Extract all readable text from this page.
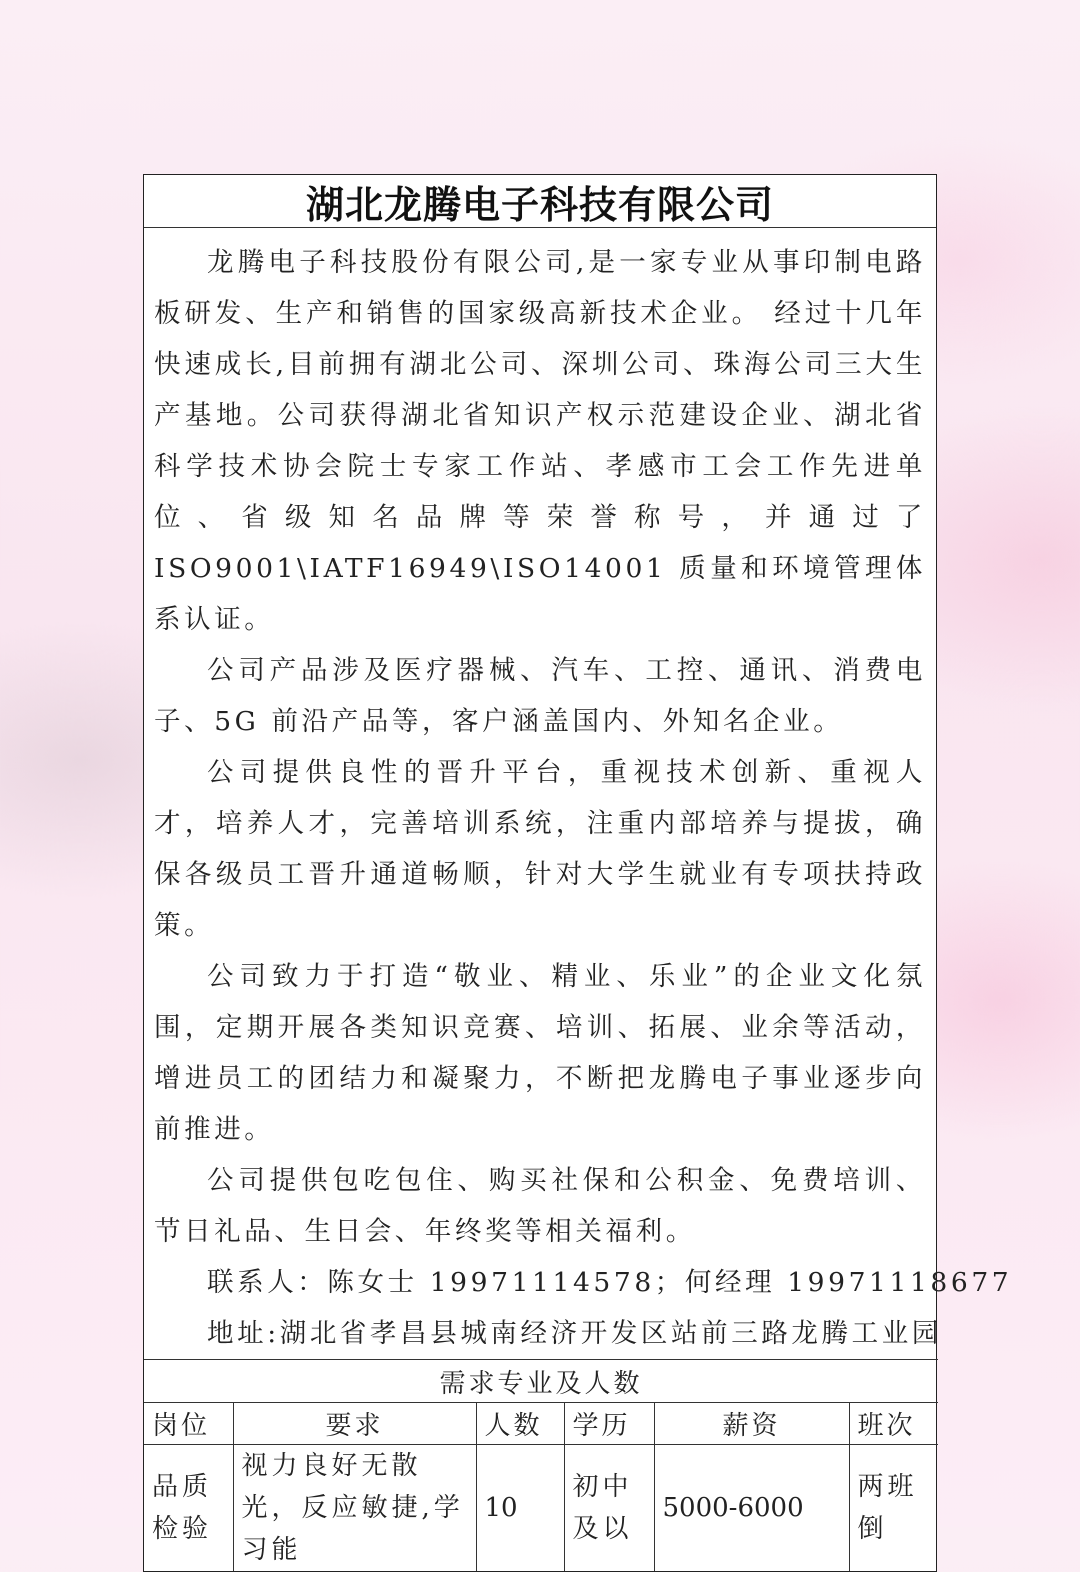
湖北龙腾电子科技有限公司

龙腾电子科技股份有限公司,是一家专业从事印制电路板研发、生产和销售的国家级高新技术企业。 经过十几年快速成长,目前拥有湖北公司、深圳公司、珠海公司三大生产基地。公司获得湖北省知识产权示范建设企业、湖北省科学技术协会院士专家工作站、孝感市工会工作先进单位、省级知名品牌等荣誉称号，并通过了 ISO9001\IATF16949\ISO14001 质量和环境管理体系认证。

公司产品涉及医疗器械、汽车、工控、通讯、消费电子、5G 前沿产品等，客户涵盖国内、外知名企业。

公司提供良性的晋升平台，重视技术创新、重视人才，培养人才，完善培训系统，注重内部培养与提拔，确保各级员工晋升通道畅顺，针对大学生就业有专项扶持政策。

公司致力于打造“敬业、精业、乐业”的企业文化氛围，定期开展各类知识竞赛、培训、拓展、业余等活动，增进员工的团结力和凝聚力，不断把龙腾电子事业逐步向前推进。

公司提供包吃包住、购买社保和公积金、免费培训、节日礼品、生日会、年终奖等相关福利。

联系人：陈女士 19971114578；何经理 19971118677

地址:湖北省孝昌县城南经济开发区站前三路龙腾工业园

需求专业及人数					
岗位	要求	人数	学历	薪资	班次
品质检验	视力良好无散光，反应敏捷,学习能	10	初中及以	5000-6000	两班倒
